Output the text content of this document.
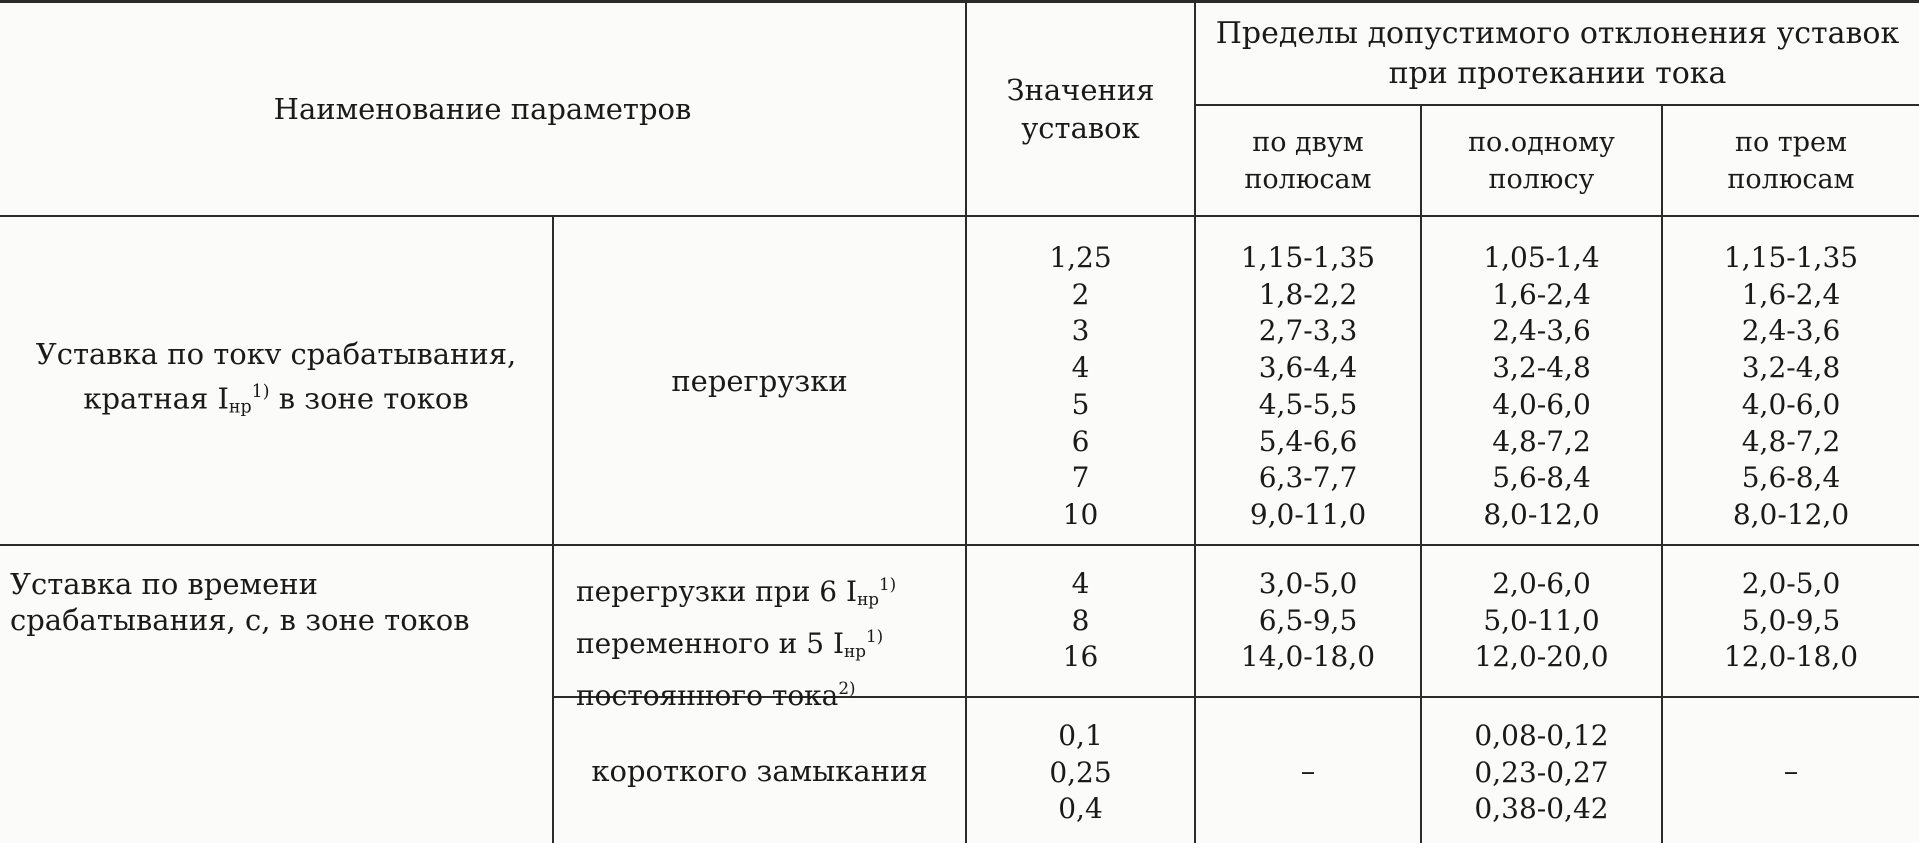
Наименование параметров
Значения
уставок
Пределы допустимого отклонения уставок
при протекании тока
по двум
полюсам
по.одному
полюсу
по трем
полюсам
Уставка по токv срабатывания,
кратная $I_{нр}^{1)}$ в зоне токов
перегрузки
1,25
2
3
4
5
6
7
10
1,15-1,35
1,8-2,2
2,7-3,3
3,6-4,4
4,5-5,5
5,4-6,6
6,3-7,7
9,0-11,0
1,05-1,4
1,6-2,4
2,4-3,6
3,2-4,8
4,0-6,0
4,8-7,2
5,6-8,4
8,0-12,0
1,15-1,35
1,6-2,4
2,4-3,6
3,2-4,8
4,0-6,0
4,8-7,2
5,6-8,4
8,0-12,0
Уставка по времени
срабатывания, с, в зоне токов
перегрузки при 6 $I_{нр}^{1)}$
переменного и 5 $I_{нр}^{1)}$
постоянного тока$^{2)}$
4
8
16
3,0-5,0
6,5-9,5
14,0-18,0
2,0-6,0
5,0-11,0
12,0-20,0
2,0-5,0
5,0-9,5
12,0-18,0
короткого замыкания
0,1
0,25
0,4
–
0,08-0,12
0,23-0,27
0,38-0,42
–
